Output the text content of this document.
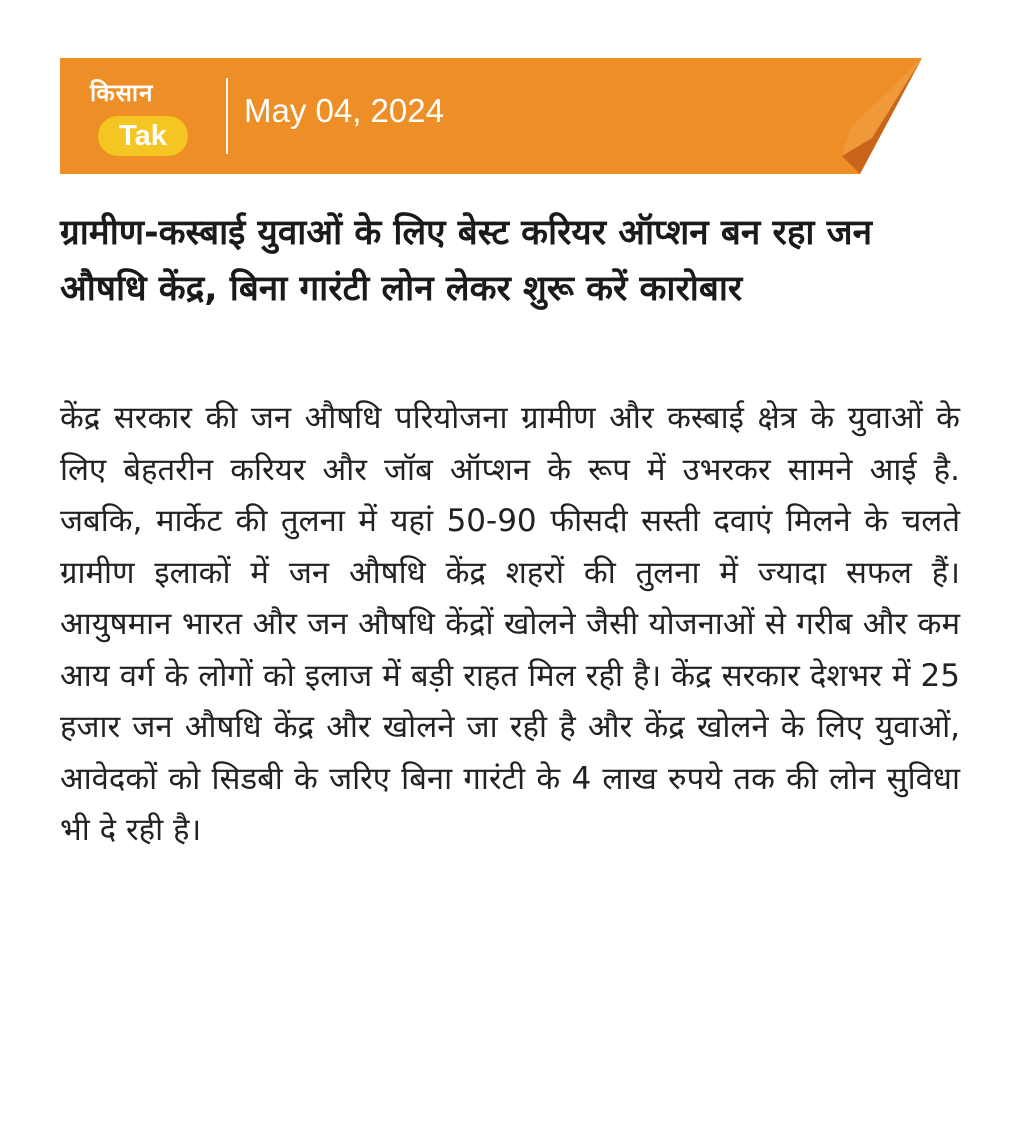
किसान
Tak
May 04, 2024
ग्रामीण-कस्बाई युवाओं के लिए बेस्ट करियर ऑप्शन बन रहा जन औषधि केंद्र, बिना गारंटी लोन लेकर शुरू करें कारोबार

केंद्र सरकार की जन औषधि परियोजना ग्रामीण और कस्बाई क्षेत्र के युवाओं के लिए बेहतरीन करियर और जॉब ऑप्शन के रूप में उभरकर सामने आई है. जबकि, मार्केट की तुलना में यहां 50-90 फीसदी सस्ती दवाएं मिलने के चलते ग्रामीण इलाकों में जन औषधि केंद्र शहरों की तुलना में ज्यादा सफल हैं। आयुषमान भारत और जन औषधि केंद्रों खोलने जैसी योजनाओं से गरीब और कम आय वर्ग के लोगों को इलाज में बड़ी राहत मिल रही है। केंद्र सरकार देशभर में 25 हजार जन औषधि केंद्र और खोलने जा रही है और केंद्र खोलने के लिए युवाओं, आवेदकों को सिडबी के जरिए बिना गारंटी के 4 लाख रुपये तक की लोन सुविधा भी दे रही है।
